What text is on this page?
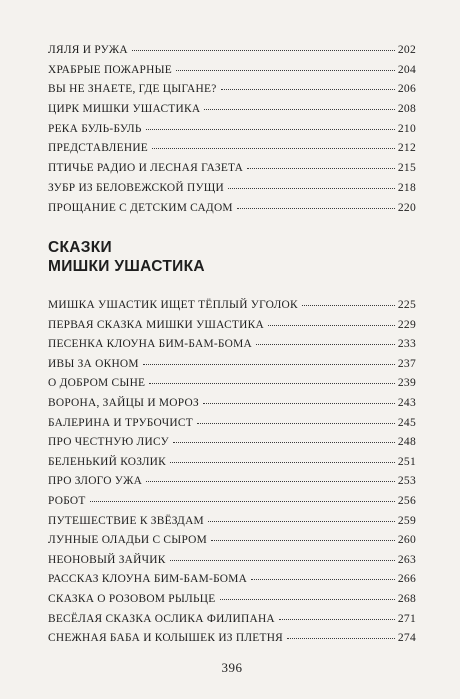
ЛЯЛЯ И РУЖА	202
ХРАБРЫЕ ПОЖАРНЫЕ	204
ВЫ НЕ ЗНАЕТЕ, ГДЕ ЦЫГАНЕ?	206
ЦИРК МИШКИ УШАСТИКА	208
РЕКА БУЛЬ-БУЛЬ	210
ПРЕДСТАВЛЕНИЕ	212
ПТИЧЬЕ РАДИО И ЛЕСНАЯ ГАЗЕТА	215
ЗУБР ИЗ БЕЛОВЕЖСКОЙ ПУЩИ	218
ПРОЩАНИЕ С ДЕТСКИМ САДОМ	220
СКАЗКИ
МИШКИ УШАСТИКА
МИШКА УШАСТИК ИЩЕТ ТЁПЛЫЙ УГОЛОК	225
ПЕРВАЯ СКАЗКА МИШКИ УШАСТИКА	229
ПЕСЕНКА КЛОУНА БИМ-БАМ-БОМА	233
ИВЫ ЗА ОКНОМ	237
О ДОБРОМ СЫНЕ	239
ВОРОНА, ЗАЙЦЫ И МОРОЗ	243
БАЛЕРИНА И ТРУБОЧИСТ	245
ПРО ЧЕСТНУЮ ЛИСУ	248
БЕЛЕНЬКИЙ КОЗЛИК	251
ПРО ЗЛОГО УЖА	253
РОБОТ	256
ПУТЕШЕСТВИЕ К ЗВЁЗДАМ	259
ЛУННЫЕ ОЛАДЬИ С СЫРОМ	260
НЕОНОВЫЙ ЗАЙЧИК	263
РАССКАЗ КЛОУНА БИМ-БАМ-БОМА	266
СКАЗКА О РОЗОВОМ РЫЛЬЦЕ	268
ВЕСЁЛАЯ СКАЗКА ОСЛИКА ФИЛИПАНА	271
СНЕЖНАЯ БАБА И КОЛЫШЕК ИЗ ПЛЕТНЯ	274
396
